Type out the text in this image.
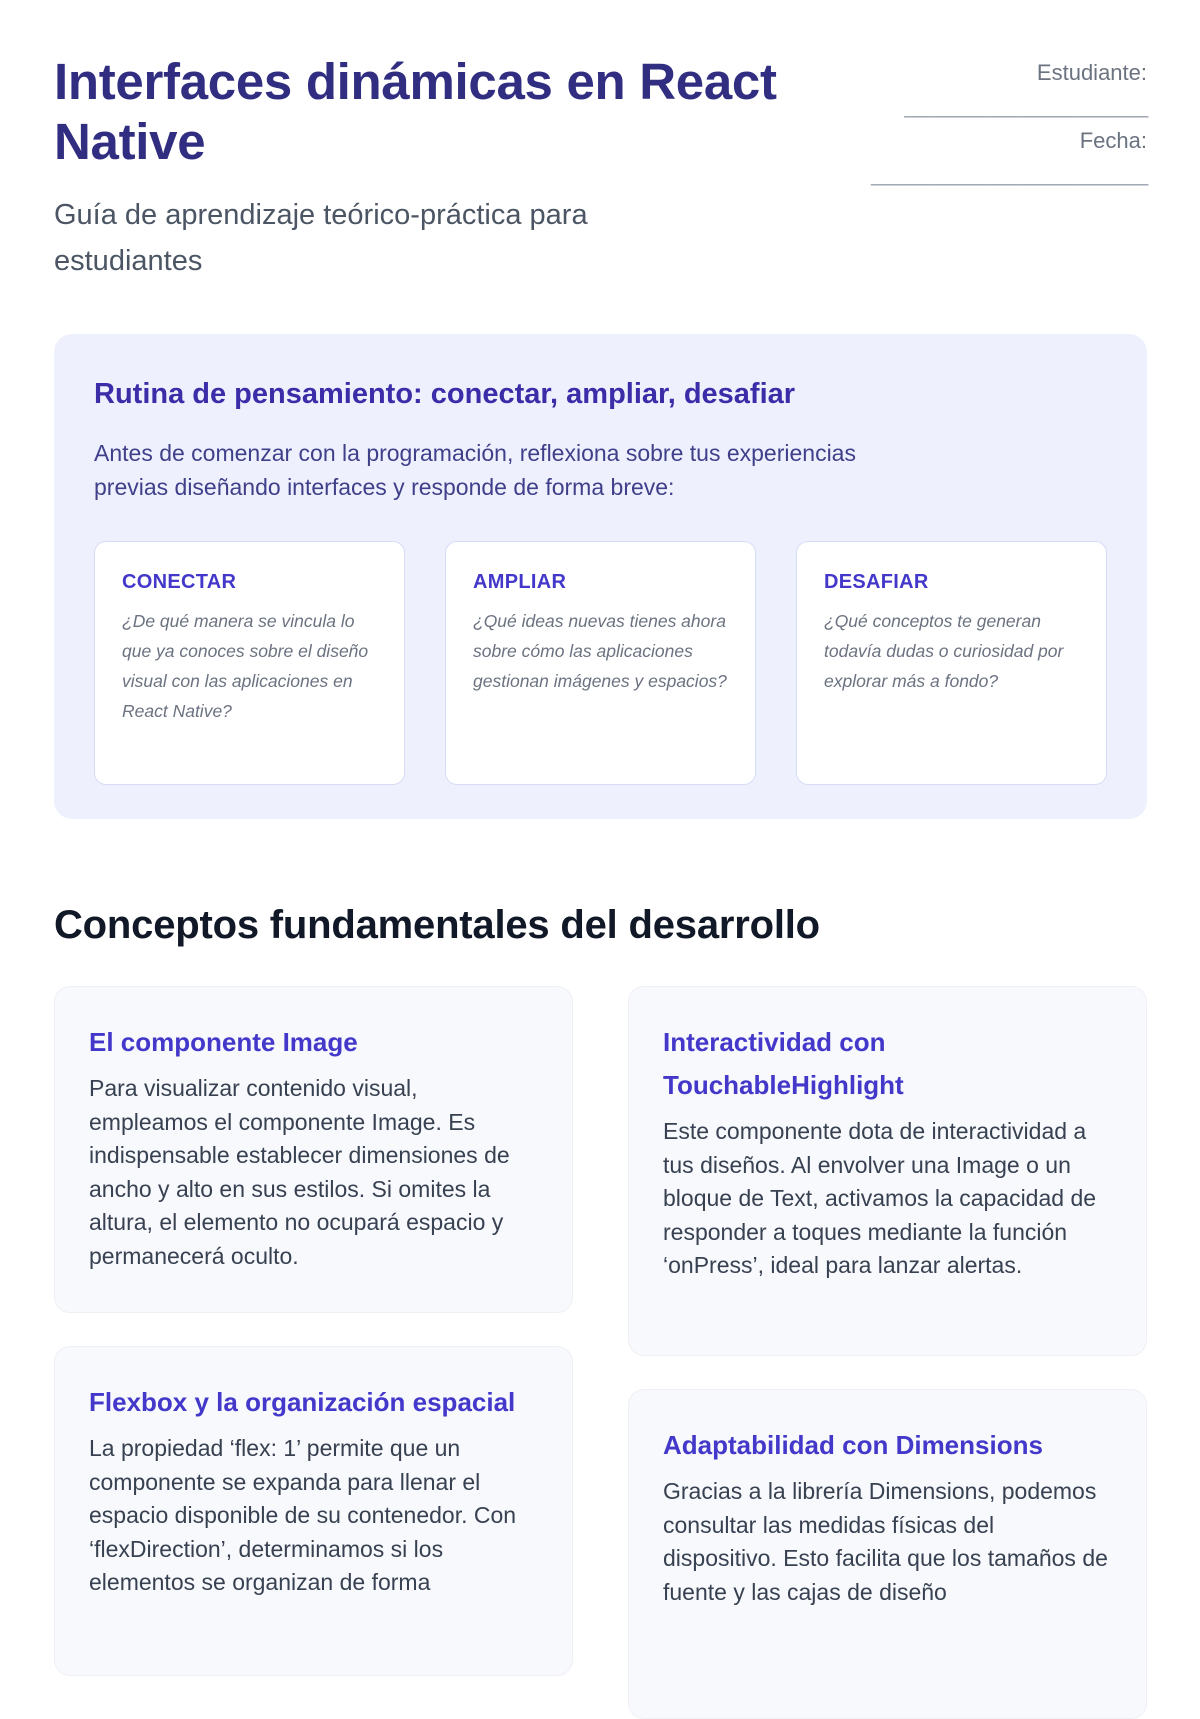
Interfaces dinámicas en React Native

Guía de aprendizaje teórico-práctica para estudiantes

Estudiante:
______________________
Fecha:
_________________________
Rutina de pensamiento: conectar, ampliar, desafiar

Antes de comenzar con la programación, reflexiona sobre tus experiencias previas diseñando interfaces y responde de forma breve:

CONECTAR

¿De qué manera se vincula lo que ya conoces sobre el diseño visual con las aplicaciones en React Native?

AMPLIAR

¿Qué ideas nuevas tienes ahora sobre cómo las aplicaciones gestionan imágenes y espacios?

DESAFIAR

¿Qué conceptos te generan todavía dudas o curiosidad por explorar más a fondo?

Conceptos fundamentales del desarrollo
El componente Image

Para visualizar contenido visual, empleamos el componente Image. Es indispensable establecer dimensiones de ancho y alto en sus estilos. Si omites la altura, el elemento no ocupará espacio y permanecerá oculto.

Interactividad con TouchableHighlight

Este componente dota de interactividad a tus diseños. Al envolver una Image o un bloque de Text, activamos la capacidad de responder a toques mediante la función ‘onPress’, ideal para lanzar alertas.

Flexbox y la organización espacial

La propiedad ‘flex: 1’ permite que un componente se expanda para llenar el espacio disponible de su contenedor. Con ‘flexDirection’, determinamos si los elementos se organizan de forma

Adaptabilidad con Dimensions

Gracias a la librería Dimensions, podemos consultar las medidas físicas del dispositivo. Esto facilita que los tamaños de fuente y las cajas de diseño
